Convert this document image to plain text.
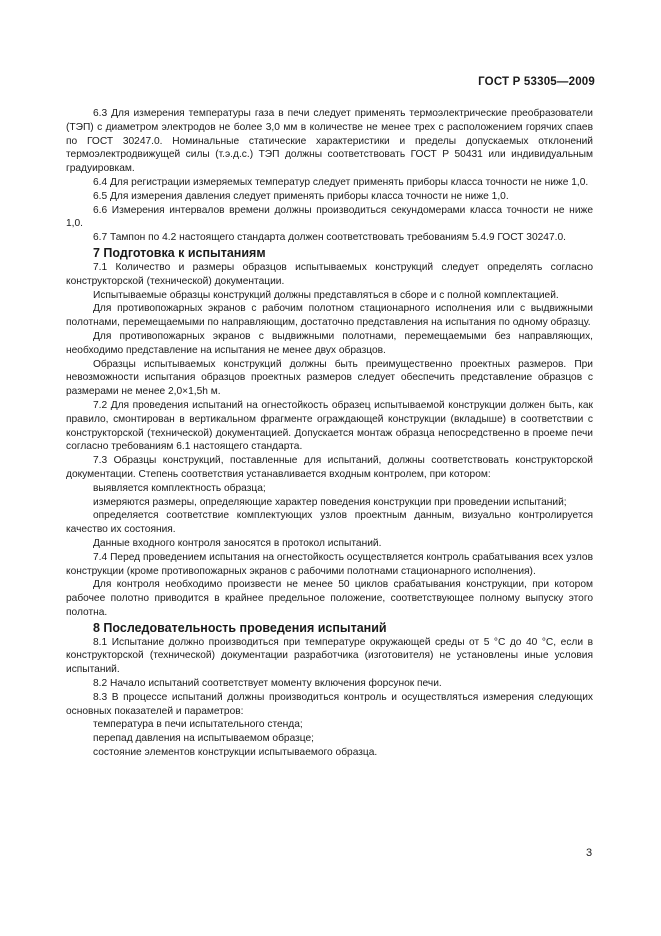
ГОСТ Р 53305—2009

6.3 Для измерения температуры газа в печи следует применять термоэлектрические преобразователи (ТЭП) с диаметром электродов не более 3,0 мм в количестве не менее трех с расположением горячих спаев по ГОСТ 30247.0. Номинальные статические характеристики и пределы допускаемых отклонений термоэлектродвижущей силы (т.э.д.с.) ТЭП должны соответствовать ГОСТ Р 50431 или индивидуальным градуировкам.

6.4 Для регистрации измеряемых температур следует применять приборы класса точности не ниже 1,0.

6.5 Для измерения давления следует применять приборы класса точности не ниже 1,0.

6.6 Измерения интервалов времени должны производиться секундомерами класса точности не ниже 1,0.

6.7 Тампон по 4.2 настоящего стандарта должен соответствовать требованиям 5.4.9 ГОСТ 30247.0.

7 Подготовка к испытаниям

7.1 Количество и размеры образцов испытываемых конструкций следует определять согласно конструкторской (технической) документации.

Испытываемые образцы конструкций должны представляться в сборе и с полной комплектацией.

Для противопожарных экранов с рабочим полотном стационарного исполнения или с выдвижными полотнами, перемещаемыми по направляющим, достаточно представления на испытания по одному образцу.

Для противопожарных экранов с выдвижными полотнами, перемещаемыми без направляющих, необходимо представление на испытания не менее двух образцов.

Образцы испытываемых конструкций должны быть преимущественно проектных размеров. При невозможности испытания образцов проектных размеров следует обеспечить представление образцов с размерами не менее 2,0×1,5h м.

7.2 Для проведения испытаний на огнестойкость образец испытываемой конструкции должен быть, как правило, смонтирован в вертикальном фрагменте ограждающей конструкции (вкладыше) в соответствии с конструкторской (технической) документацией. Допускается монтаж образца непосредственно в проеме печи согласно требованиям 6.1 настоящего стандарта.

7.3 Образцы конструкций, поставленные для испытаний, должны соответствовать конструкторской документации. Степень соответствия устанавливается входным контролем, при котором:

выявляется комплектность образца;

измеряются размеры, определяющие характер поведения конструкции при проведении испытаний;

определяется соответствие комплектующих узлов проектным данным, визуально контролируется качество их состояния.

Данные входного контроля заносятся в протокол испытаний.

7.4 Перед проведением испытания на огнестойкость осуществляется контроль срабатывания всех узлов конструкции (кроме противопожарных экранов с рабочими полотнами стационарного исполнения).

Для контроля необходимо произвести не менее 50 циклов срабатывания конструкции, при котором рабочее полотно приводится в крайнее предельное положение, соответствующее полному выпуску этого полотна.

8 Последовательность проведения испытаний

8.1 Испытание должно производиться при температуре окружающей среды от 5 °С до 40 °С, если в конструкторской (технической) документации разработчика (изготовителя) не установлены иные условия испытаний.

8.2 Начало испытаний соответствует моменту включения форсунок печи.

8.3 В процессе испытаний должны производиться контроль и осуществляться измерения следующих основных показателей и параметров:

температура в печи испытательного стенда;

перепад давления на испытываемом образце;

состояние элементов конструкции испытываемого образца.

3
